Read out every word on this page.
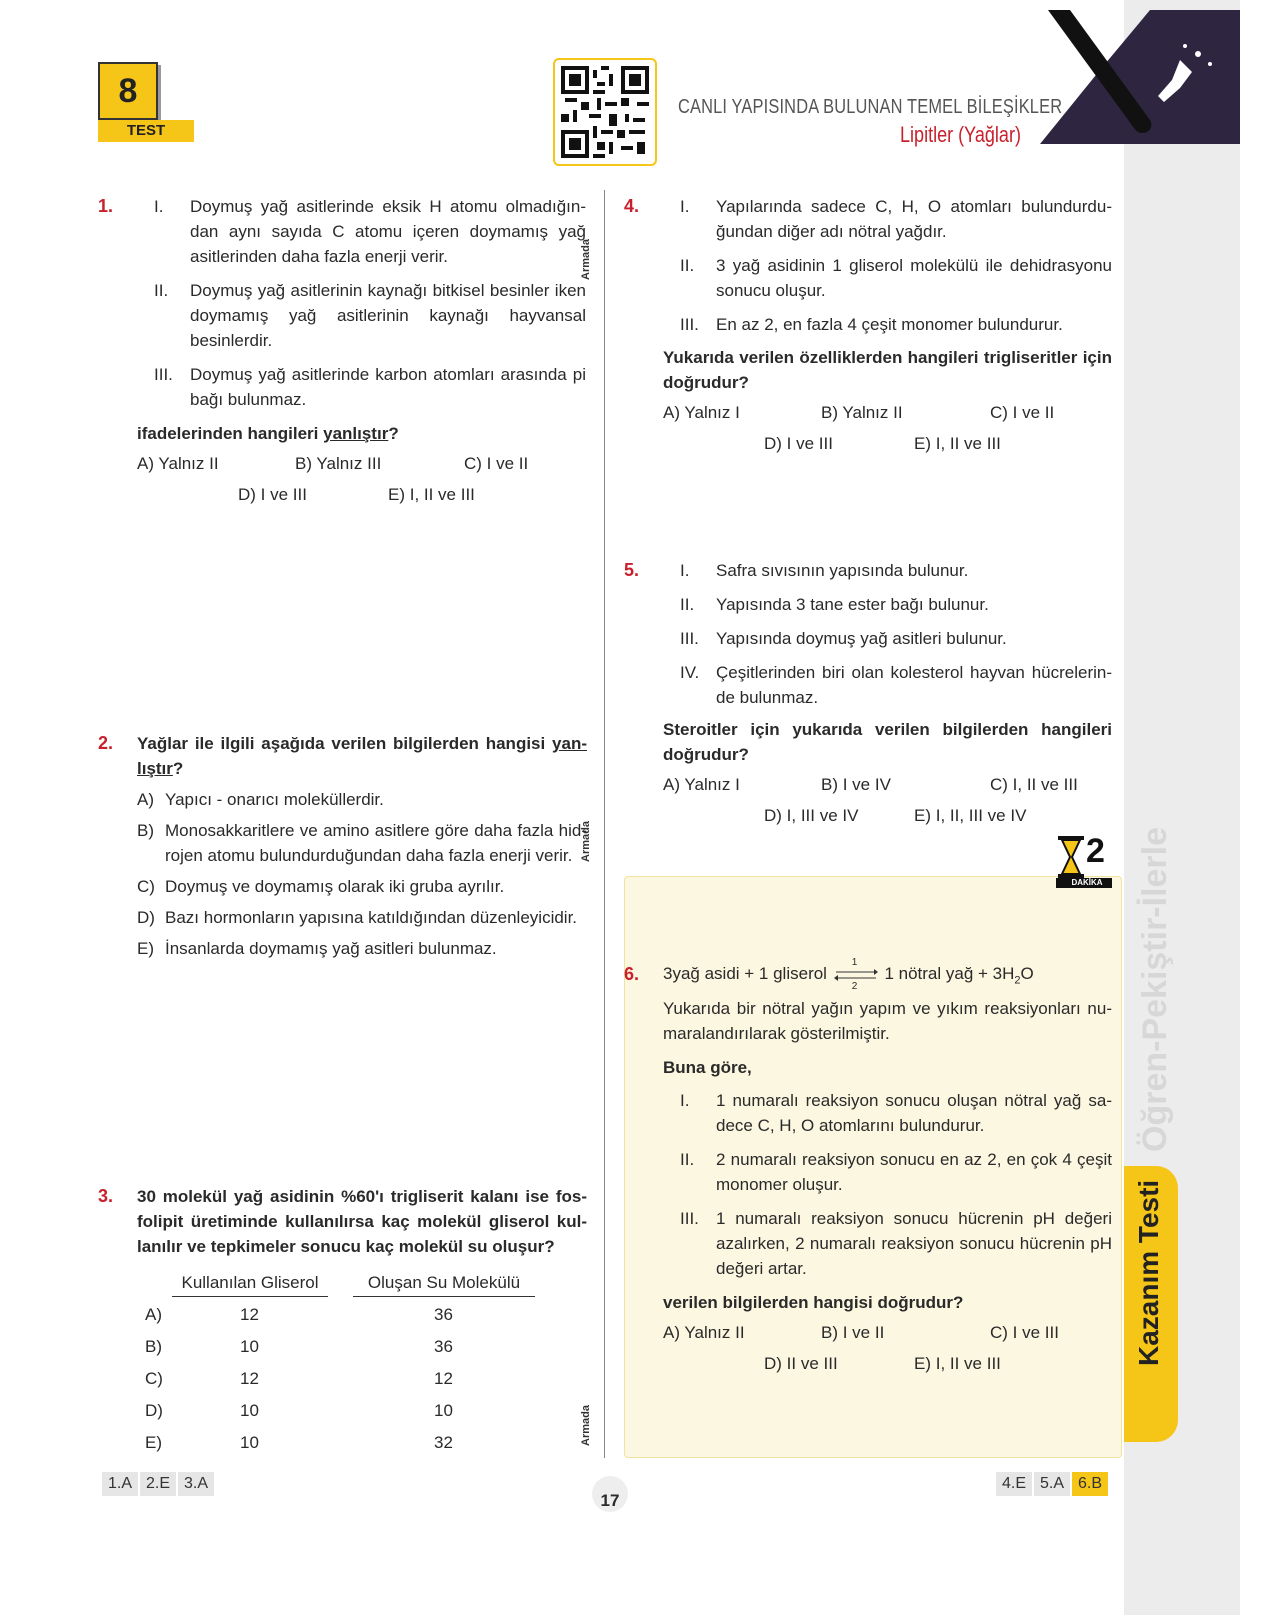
Öğren-Pekiştir-İlerle
Kazanım Testi
8
TEST
CANLI YAPISINDA BULUNAN TEMEL BİLEŞİKLER
Lipitler (Yağlar)
Armada
Armada
Armada
1. I.	Doymuş yağ asitlerinde eksik H atomu olmadığın-dan aynı sayıda C atomu içeren doymamış yağ asitlerinden daha fazla enerji verir.
II.	Doymuş yağ asitlerinin kaynağı bitkisel besinler iken doymamış yağ asitlerinin kaynağı hayvansal besinlerdir.
III.	Doymuş yağ asitlerinde karbon atomları arasında pi bağı bulunmaz.
ifadelerinden hangileri yanlıştır?
A) Yalnız II	B) Yalnız III	C) I ve II
D) I ve III	E) I, II ve III
2. Yağlar ile ilgili aşağıda verilen bilgilerden hangisi yan-lıştır?
A) Yapıcı - onarıcı moleküllerdir.
B) Monosakkaritlere ve amino asitlere göre daha fazla hid-rojen atomu bulundurduğundan daha fazla enerji verir.
C) Doymuş ve doymamış olarak iki gruba ayrılır.
D) Bazı hormonların yapısına katıldığından düzenleyicidir.
E) İnsanlarda doymamış yağ asitleri bulunmaz.
3. 30 molekül yağ asidinin %60'ı trigliserit kalanı ise fos-folipit üretiminde kullanılırsa kaç molekül gliserol kul-lanılır ve tepkimeler sonucu kaç molekül su oluşur?
Kullanılan Gliserol	Oluşan Su Molekülü
A)	12	36
B)	10	36
C)	12	12
D)	10	10
E)	10	32
4. I.	Yapılarında sadece C, H, O atomları bulundurdu-ğundan diğer adı nötral yağdır.
II.	3 yağ asidinin 1 gliserol molekülü ile dehidrasyonu sonucu oluşur.
III.	En az 2, en fazla 4 çeşit monomer bulundurur.
Yukarıda verilen özelliklerden hangileri trigliseritler için doğrudur?
A) Yalnız I	B) Yalnız II	C) I ve II
D) I ve III	E) I, II ve III
5. I.	Safra sıvısının yapısında bulunur.
II.	Yapısında 3 tane ester bağı bulunur.
III.	Yapısında doymuş yağ asitleri bulunur.
IV. Çeşitlerinden biri olan kolesterol hayvan hücrelerin-de bulunmaz.
Steroitler için yukarıda verilen bilgilerden hangileri doğrudur?
A) Yalnız I	B) I ve IV	C) I, II ve III
D) I, III ve IV	E) I, II, III ve IV
2
DAKİKA
6. 3yağ asidi + 1 gliserol
1
2
1 nötral yağ + $3H_2O$
Yukarıda bir nötral yağın yapım ve yıkım reaksiyonları nu-maralandırılarak gösterilmiştir.
Buna göre,
I.	1 numaralı reaksiyon sonucu oluşan nötral yağ sa-dece C, H, O atomlarını bulundurur.
II.	2 numaralı reaksiyon sonucu en az 2, en çok 4 çeşit monomer oluşur.
III.	1 numaralı reaksiyon sonucu hücrenin pH değeri azalırken, 2 numaralı reaksiyon sonucu hücrenin pH değeri artar.
verilen bilgilerden hangisi doğrudur?
A) Yalnız II	B) I ve II	C) I ve III
D) II ve III	E) I, II ve III
1.A 2.E 3.A	4.E 5.A 6.B
17
